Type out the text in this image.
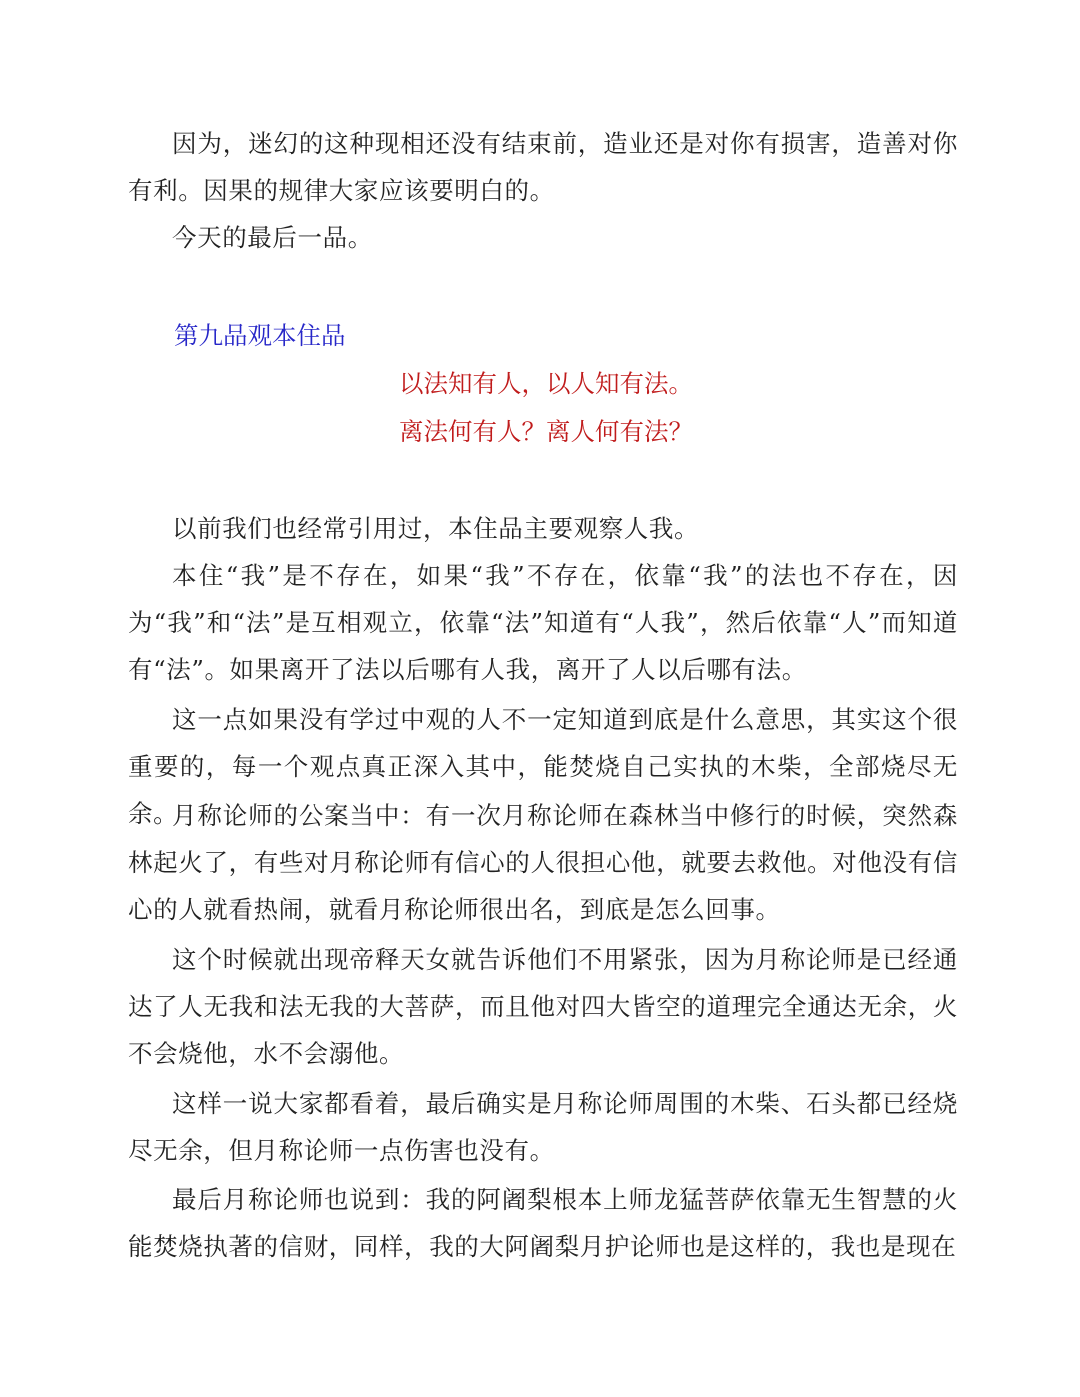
因为，迷幻的这种现相还没有结束前，造业还是对你有损害，造善对你有利。因果的规律大家应该要明白的。

今天的最后一品。

第九品观本住品

以法知有人，以人知有法。

离法何有人？离人何有法？

以前我们也经常引用过，本住品主要观察人我。

本住“我”是不存在，如果“我”不存在，依靠“我”的法也不存在，因为“我”和“法”是互相观立，依靠“法”知道有“人我”，然后依靠“人”而知道有“法”。如果离开了法以后哪有人我，离开了人以后哪有法。

这一点如果没有学过中观的人不一定知道到底是什么意思，其实这个很重要的，每一个观点真正深入其中，能焚烧自己实执的木柴，全部烧尽无余。

月称论师的公案当中：有一次月称论师在森林当中修行的时候，突然森林起火了，有些对月称论师有信心的人很担心他，就要去救他。对他没有信心的人就看热闹，就看月称论师很出名，到底是怎么回事。

这个时候就出现帝释天女就告诉他们不用紧张，因为月称论师是已经通达了人无我和法无我的大菩萨，而且他对四大皆空的道理完全通达无余，火不会烧他，水不会溺他。

这样一说大家都看着，最后确实是月称论师周围的木柴、石头都已经烧尽无余，但月称论师一点伤害也没有。

最后月称论师也说到：我的阿阇梨根本上师龙猛菩萨依靠无生智慧的火能焚烧执著的信财，同样，我的大阿阇梨月护论师也是这样的，我也是现在
